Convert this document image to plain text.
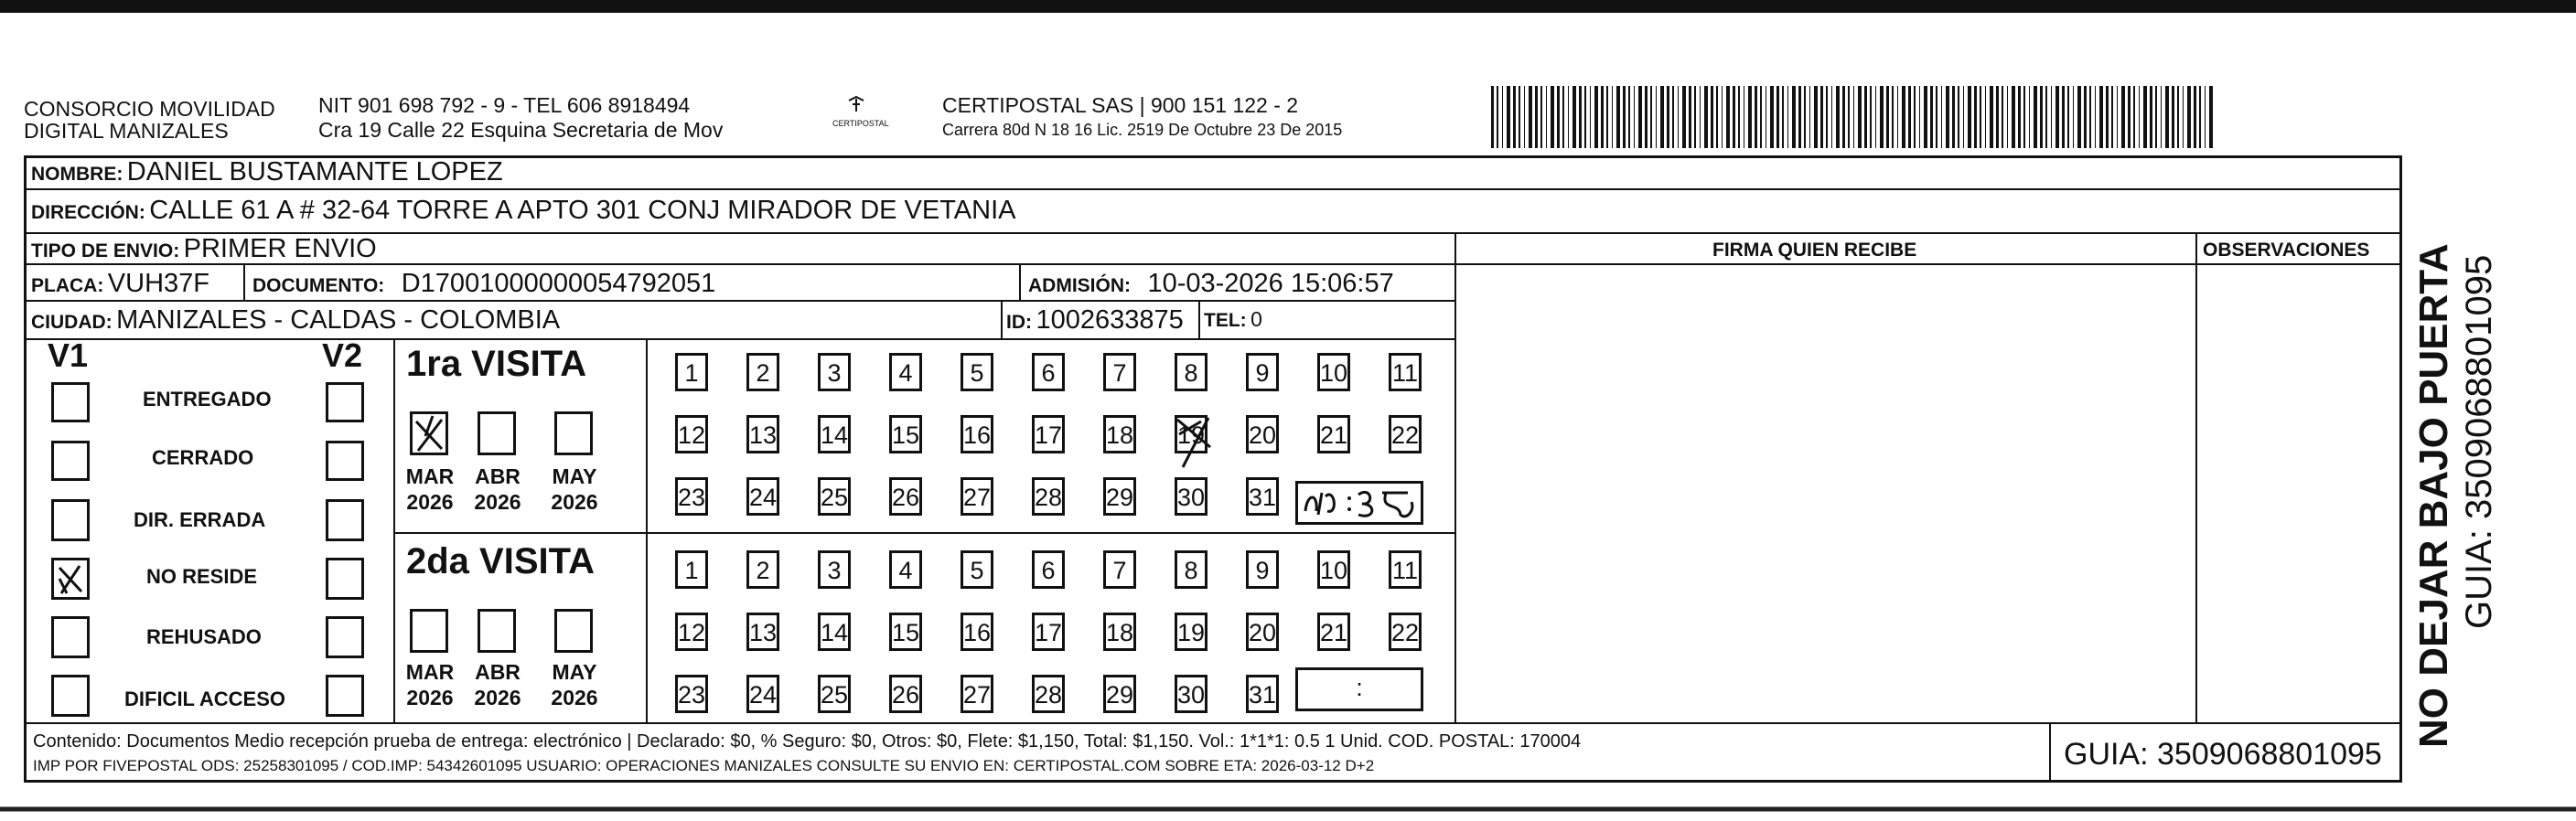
CONSORCIO MOVILIDAD
DIGITAL MANIZALES
NIT 901 698 792 - 9 - TEL 606 8918494
Cra 19 Calle 22 Esquina Secretaria de Mov	CERTIPOSTAL
CERTIPOSTAL SAS | 900 151 122 - 2
Carrera 80d N 18 16 Lic. 2519 De Octubre 23 De 2015
NOMBRE: DANIEL BUSTAMANTE LOPEZ
DIRECCIÓN: CALLE 61 A # 32-64 TORRE A APTO 301 CONJ MIRADOR DE VETANIA
TIPO DE ENVIO: PRIMER ENVIO	FIRMA QUIEN RECIBE	OBSERVACIONES
PLACA: VUH37F DOCUMENTO: D17001000000054792051	ADMISIÓN: 10-03-2026 15:06:57
CIUDAD: MANIZALES - CALDAS - COLOMBIA	ID: 1002633875 TEL: 0
V1	V2
ENTREGADO
CERRADO
DIR. ERRADA
NO RESIDE
REHUSADO
DIFICIL ACCESO
1ra VISITA
MAR ABR MAY
2026 2026 2026
2da VISITA
MAR ABR MAY
2026 2026 2026
1	2	3	4	5	6	7	8	9	10 11
12 13 14 15 16 17 18 19 20 21 22
23 24 25 26 27 28 29 30 31
1	2	3	4	5	6	7	8	9	10 11
12 13 14 15 16 17 18 19 20 21 22
23 24 25 26 27 28 29 30 31	:
Contenido: Documentos Medio recepción prueba de entrega: electrónico | Declarado: $0, % Seguro: $0, Otros: $0, Flete: $1,150, Total: $1,150. Vol.: 1*1*1: 0.5 1 Unid. COD. POSTAL: 170004
IMP POR FIVEPOSTAL ODS: 25258301095 / COD.IMP: 54342601095 USUARIO: OPERACIONES MANIZALES CONSULTE SU ENVIO EN: CERTIPOSTAL.COM SOBRE ETA: 2026-03-12 D+2	GUIA: 3509068801095
NO DEJAR BAJO PUERTA GUIA: 3509068801095
